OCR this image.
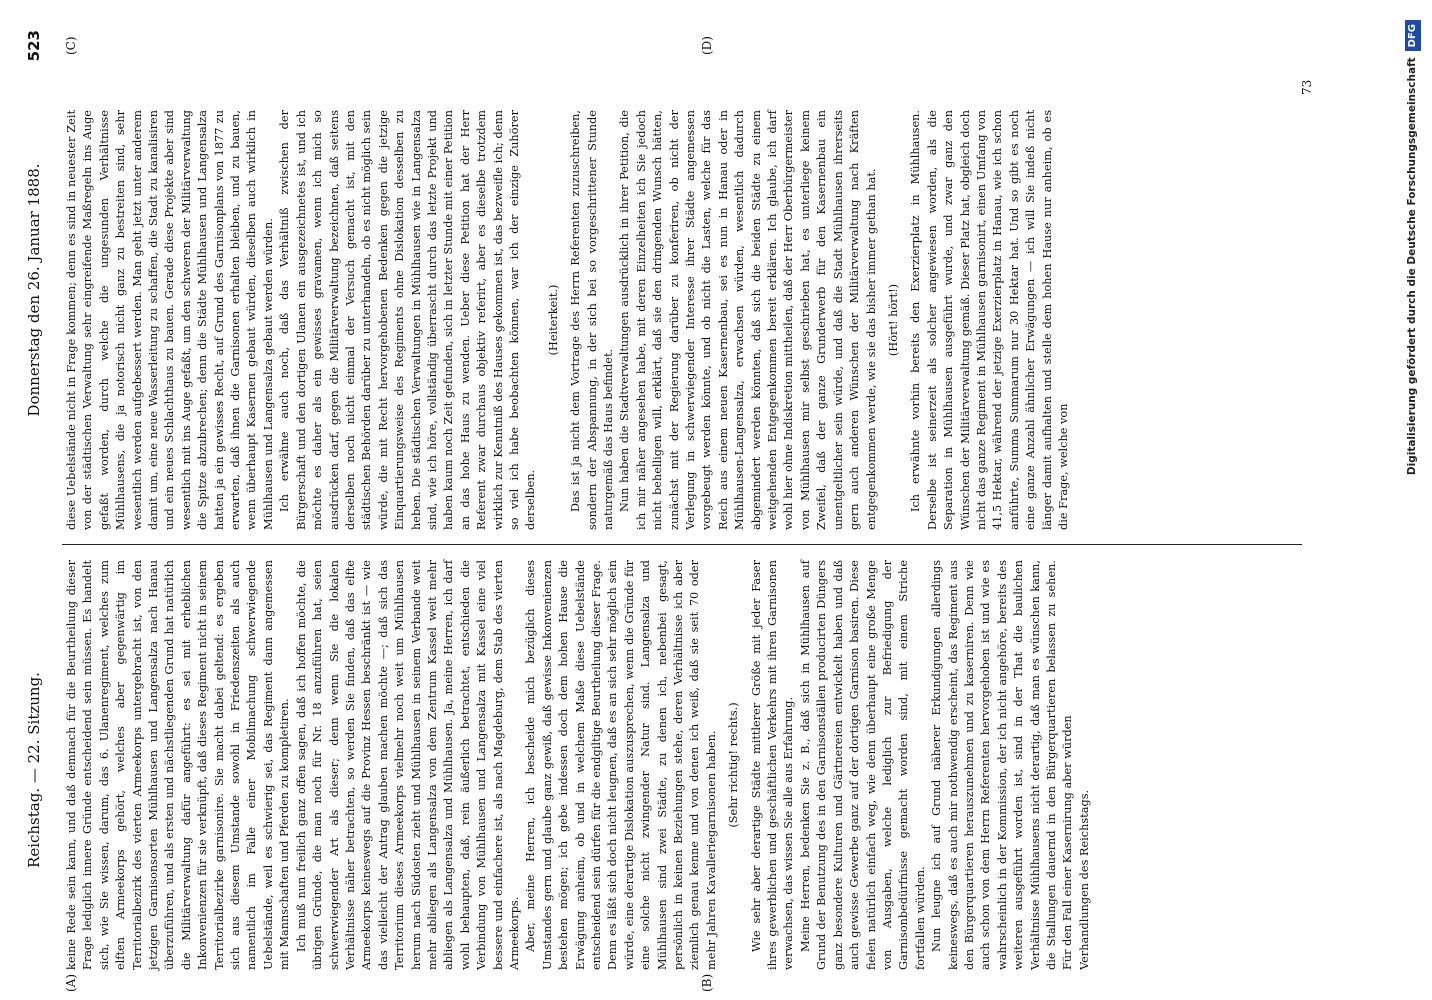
Reichstag. — 22. Sitzung.
Donnerstag den 26. Januar 1888.
523
(A)	(B)
(C)	(D)

keine Rede sein kann, und daß demnach für die Beurtheilung dieser Frage lediglich innere Gründe entscheidend sein müssen. Es handelt sich, wie Sie wissen, darum, das 6. Ulanenregiment, welches zum elften Armeekorps gehört, welches aber gegenwärtig im Territorialbezirk des vierten Armeekorps untergebracht ist, von den jetzigen Garnisonsorten Mühlhausen und Langensalza nach Hanau überzuführen, und als ersten und nächstliegenden Grund hat natürlich die Militärverwaltung dafür angeführt: es sei mit erheblichen Inkonvenienzen für sie verknüpft, daß dieses Regiment nicht in seinem Territorialbezirke garnisonire. Sie macht dabei geltend: es ergeben sich aus diesem Umstande sowohl in Friedenszeiten als auch namentlich im Falle einer Mobilmachung schwerwiegende Uebelstände, weil es schwierig sei, das Regiment dann angemessen mit Mannschaften und Pferden zu kompletiren. Ich muß nun freilich ganz offen sagen, daß ich hoffen möchte, die übrigen Gründe, die man noch für Nr. 18 anzuführen hat, seien schwerwiegender Art als dieser; denn wenn Sie die lokalen Verhältnisse näher betrachten, so werden Sie finden, daß das elfte Armeekorps keineswegs auf die Provinz Hessen beschränkt ist — wie das vielleicht der Antrag glauben machen möchte —; daß sich das Territorium dieses Armeekorps vielmehr noch weit um Mühlhausen herum nach Südosten zieht und Mühlhausen in seinem Verbande weit mehr abliegen als Langensalza von dem Zentrum Kassel weit mehr abliegen als Langensalza und Mühlhausen. Ja, meine Herren, ich darf wohl behaupten, daß, rein äußerlich betrachtet, entschieden die Verbindung von Mühlhausen und Langensalza mit Kassel eine viel bessere und einfachere ist, als nach Magdeburg, dem Stab des vierten Armeekorps. Aber, meine Herren, ich bescheide mich bezüglich dieses Umstandes gern und glaube ganz gewiß, daß gewisse Inkonvenienzen bestehen mögen; ich gebe indessen doch dem hohen Hause die Erwägung anheim, ob und in welchem Maße diese Uebelstände entscheidend sein dürfen für die endgiltige Beurtheilung dieser Frage. Denn es läßt sich doch nicht leugnen, daß es an sich sehr möglich sein würde, eine derartige Dislokation auszusprechen, wenn die Gründe für eine solche nicht zwingender Natur sind. Langensalza und Mühlhausen sind zwei Städte, zu denen ich, nebenbei gesagt, persönlich in keinen Beziehungen stehe, deren Verhältnisse ich aber ziemlich genau kenne und von denen ich weiß, daß sie seit 70 oder mehr Jahren Kavalleriegarnisonen haben. (Sehr richtig! rechts.) Wie sehr aber derartige Städte mittlerer Größe mit jeder Faser ihres gewerblichen und geschäftlichen Verkehrs mit ihren Garnisonen verwachsen, das wissen Sie alle aus Erfahrung. Meine Herren, bedenken Sie z. B., daß sich in Mühlhausen auf Grund der Benutzung des in den Garnisonställen producirten Düngers ganz besondere Kulturen und Gärtnereien entwickelt haben und daß auch gewisse Gewerbe ganz auf der dortigen Garnison basiren. Diese fielen natürlich einfach weg, wie denn überhaupt eine große Menge von Ausgaben, welche lediglich zur Befriedigung der Garnisonbedürfnisse gemacht worden sind, mit einem Striche fortfallen würden. Nun leugne ich auf Grund näherer Erkundigungen allerdings keineswegs, daß es auch mir nothwendig erscheint, das Regiment aus den Bürgerquartieren herauszunehmen und zu kaserniren. Denn wie auch schon von dem Herrn Referenten hervorgehoben ist und wie es wahrscheinlich in der Kommission, der ich nicht angehöre, bereits des weiteren ausgeführt worden ist, sind in der That die baulichen Verhältnisse Mühlhausens nicht derartig, daß man es wünschen kann, die Stallungen dauernd in den Bürgerquartieren belassen zu sehen. Für den Fall einer Kasernirung aber würden Verhandlungen des Reichstags.

diese Uebelstände nicht in Frage kommen; denn es sind in neuester Zeit von der städtischen Verwaltung sehr eingreifende Maßregeln ins Auge gefaßt worden, durch welche die ungesunden Verhältnisse Mühlhausens, die ja notorisch nicht ganz zu bestreiten sind, sehr wesentlich werden aufgebessert werden. Man geht jetzt unter anderem damit um, eine neue Wasserleitung zu schaffen, die Stadt zu kanalisiren und ein neues Schlachthaus zu bauen. Gerade diese Projekte aber sind wesentlich mit ins Auge gefaßt, um den schweren der Militärverwaltung die Spitze abzubrechen; denn die Städte Mühlhausen und Langensalza hatten ja ein gewisses Recht, auf Grund des Garnisonplans von 1877 zu erwarten, daß ihnen die Garnisonen erhalten bleiben, und zu bauen, wenn überhaupt Kasernen gebaut würden, dieselben auch wirklich in Mühlhausen und Langensalza gebaut werden würden. Ich erwähne auch noch, daß das Verhältniß zwischen der Bürgerschaft und den dortigen Ulanen ein ausgezeichnetes ist, und ich möchte es daher als ein gewisses gravamen, wenn ich mich so ausdrücken darf, gegen die Militärverwaltung bezeichnen, daß seitens derselben noch nicht einmal der Versuch gemacht ist, mit den städtischen Behörden darüber zu unterhandeln, ob es nicht möglich sein würde, die mit Recht hervorgehobenen Bedenken gegen die jetzige Einquartierungsweise des Regiments ohne Dislokation desselben zu heben. Die städtischen Verwaltungen in Mühlhausen wie in Langensalza sind, wie ich höre, vollständig überrascht durch das letzte Projekt und haben kaum noch Zeit gefunden, sich in letzter Stunde mit einer Petition an das hohe Haus zu wenden. Ueber diese Petition hat der Herr Referent zwar durchaus objektiv referirt, aber es dieselbe trotzdem wirklich zur Kenntniß des Hauses gekommen ist, das bezweifle ich; denn so viel ich habe beobachten können, war ich der einzige Zuhörer derselben.

(Heiterkeit.) Das ist ja nicht dem Vortrage des Herrn Referenten zuzuschreiben, sondern der Abspannung, in der sich bei so vorgeschrittener Stunde naturgemäß das Haus befindet. Nun haben die Stadtverwaltungen ausdrücklich in ihrer Petition, die ich mir näher angesehen habe, mit deren Einzelheiten ich Sie jedoch nicht behelligen will, erklärt, daß sie den dringenden Wunsch hätten, zunächst mit der Regierung darüber zu konferiren, ob nicht der Verlegung in schwerwiegender Interesse ihrer Städte angemessen vorgebeugt werden könnte, und ob nicht die Lasten, welche für das Reich aus einem neuen Kasernenbau, sei es nun in Hanau oder in Mühlhausen-Langensalza, erwachsen würden, wesentlich dadurch abgemindert werden könnten, daß sich die beiden Städte zu einem weitgehenden Entgegenkommen bereit erklären. Ich glaube, ich darf wohl hier ohne Indiskretion mittheilen, daß der Herr Oberbürgermeister von Mühlhausen mir selbst geschrieben hat, es unterliege keinem Zweifel, daß der ganze Grunderwerb für den Kasernenbau ein unentgeltlicher sein würde, und daß die Stadt Mühlhausen ihrerseits gern auch anderen Wünschen der Militärverwaltung nach Kräften entgegenkommen werde, wie sie das bisher immer gethan hat. (Hört! hört!) Ich erwähnte vorhin bereits den Exerzierplatz in Mühlhausen. Derselbe ist seinerzeit als solcher angewiesen worden, als die Separation in Mühlhausen ausgeführt wurde, und zwar ganz den Wünschen der Militärverwaltung gemäß. Dieser Platz hat, obgleich doch nicht das ganze Regiment in Mühlhausen garnisonirt, einen Umfang von 41,5 Hektar, während der jetzige Exerzierplatz in Hanau, wie ich schon anführte, Summa Summarum nur 30 Hektar hat. Und so gibt es noch eine ganze Anzahl ähnlicher Erwägungen — ich will Sie indeß nicht länger damit aufhalten und stelle dem hohen Hause nur anheim, ob es die Frage, welche von

73	Digitalisierung gefördert durch die Deutsche ForschungsgemeinschaftDFG
